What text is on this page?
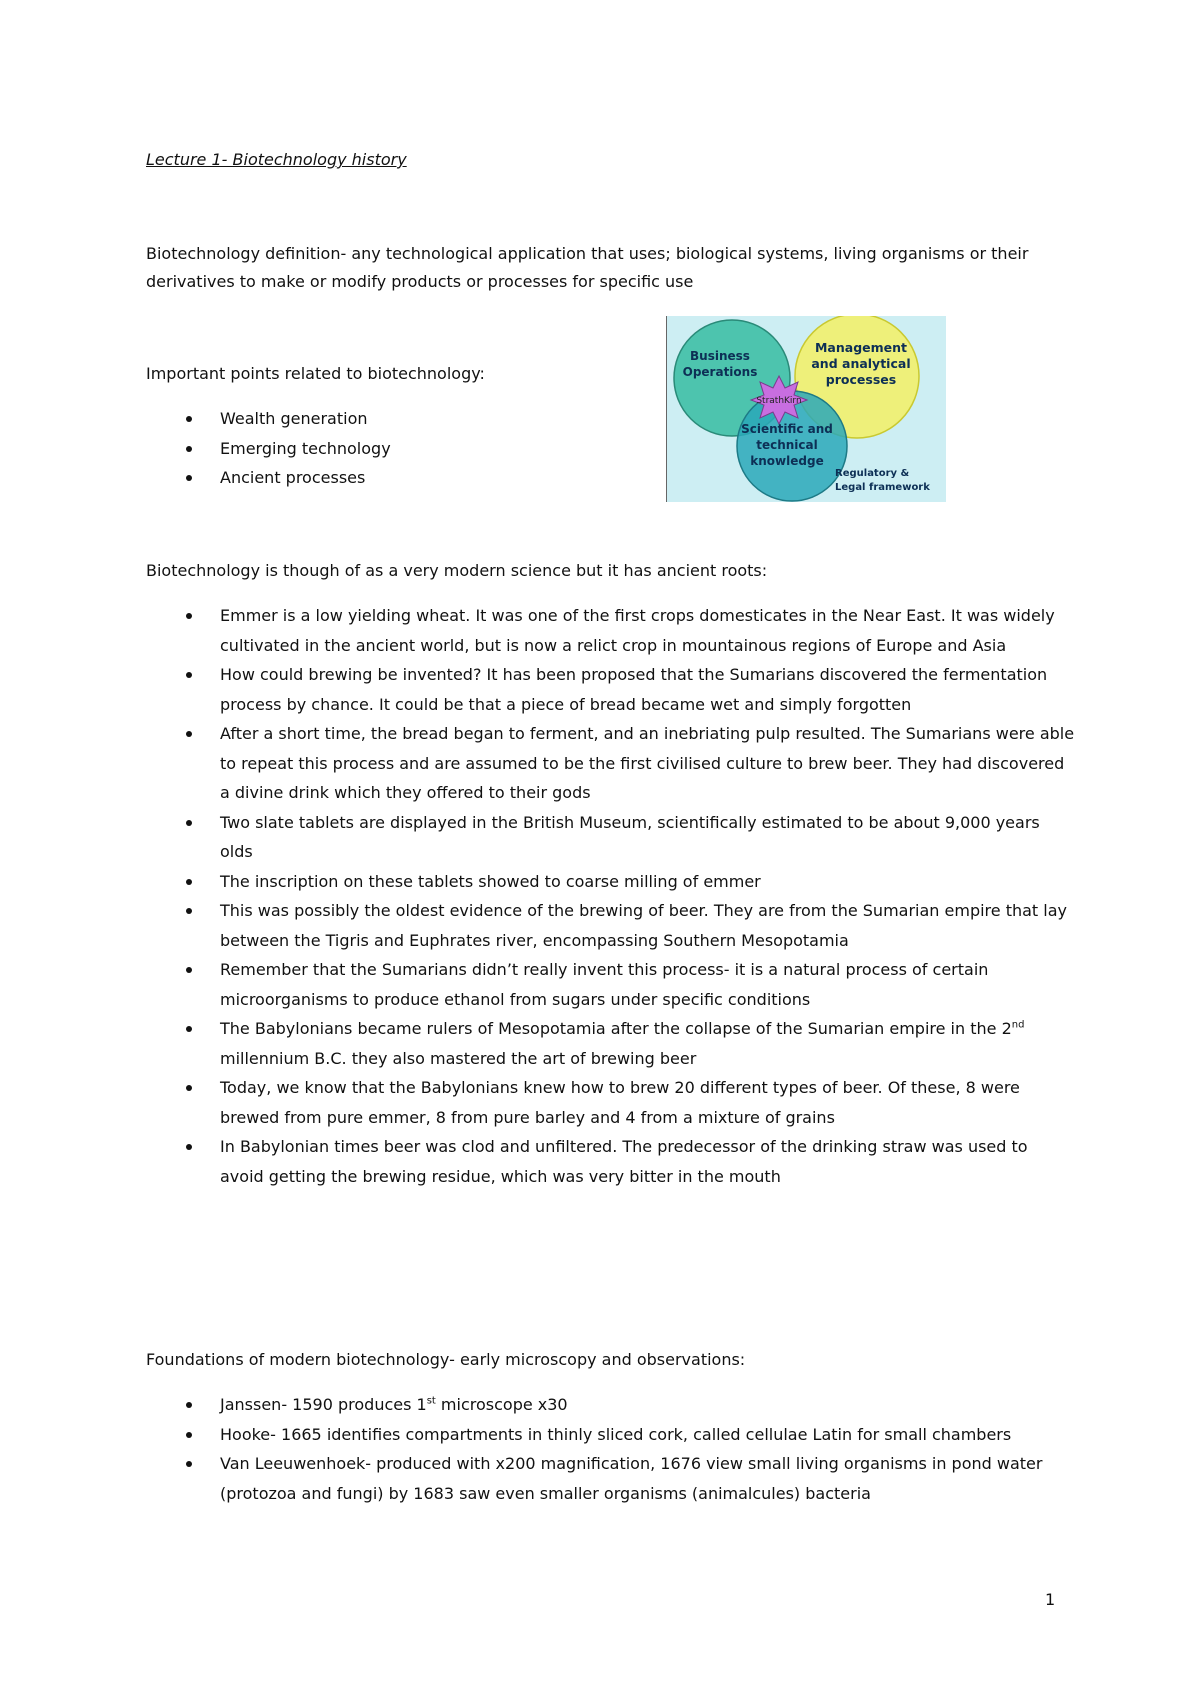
Lecture 1- Biotechnology history

Biotechnology definition- any technological application that uses; biological systems, living organisms or their derivatives to make or modify products or processes for specific use

Important points related to biotechnology:

Wealth generation
Emerging technology
Ancient processes
Business
Operations
Management
and analytical
processes
StrathKirn
Scientific and
technical
knowledge
Regulatory &
Legal framework

Biotechnology is though of as a very modern science but it has ancient roots:

Emmer is a low yielding wheat. It was one of the first crops domesticates in the Near East. It was widely cultivated in the ancient world, but is now a relict crop in mountainous regions of Europe and Asia
How could brewing be invented? It has been proposed that the Sumarians discovered the fermentation process by chance. It could be that a piece of bread became wet and simply forgotten
After a short time, the bread began to ferment, and an inebriating pulp resulted. The Sumarians were able to repeat this process and are assumed to be the first civilised culture to brew beer. They had discovered a divine drink which they offered to their gods
Two slate tablets are displayed in the British Museum, scientifically estimated to be about 9,000 years olds
The inscription on these tablets showed to coarse milling of emmer
This was possibly the oldest evidence of the brewing of beer. They are from the Sumarian empire that lay between the Tigris and Euphrates river, encompassing Southern Mesopotamia
Remember that the Sumarians didn’t really invent this process- it is a natural process of certain microorganisms to produce ethanol from sugars under specific conditions
The Babylonians became rulers of Mesopotamia after the collapse of the Sumarian empire in the 2nd millennium B.C. they also mastered the art of brewing beer
Today, we know that the Babylonians knew how to brew 20 different types of beer. Of these, 8 were brewed from pure emmer, 8 from pure barley and 4 from a mixture of grains
In Babylonian times beer was clod and unfiltered. The predecessor of the drinking straw was used to avoid getting the brewing residue, which was very bitter in the mouth

Foundations of modern biotechnology- early microscopy and observations:

Janssen- 1590 produces 1st microscope x30
Hooke- 1665 identifies compartments in thinly sliced cork, called cellulae Latin for small chambers
Van Leeuwenhoek- produced with x200 magnification, 1676 view small living organisms in pond water (protozoa and fungi) by 1683 saw even smaller organisms (animalcules) bacteria
1
